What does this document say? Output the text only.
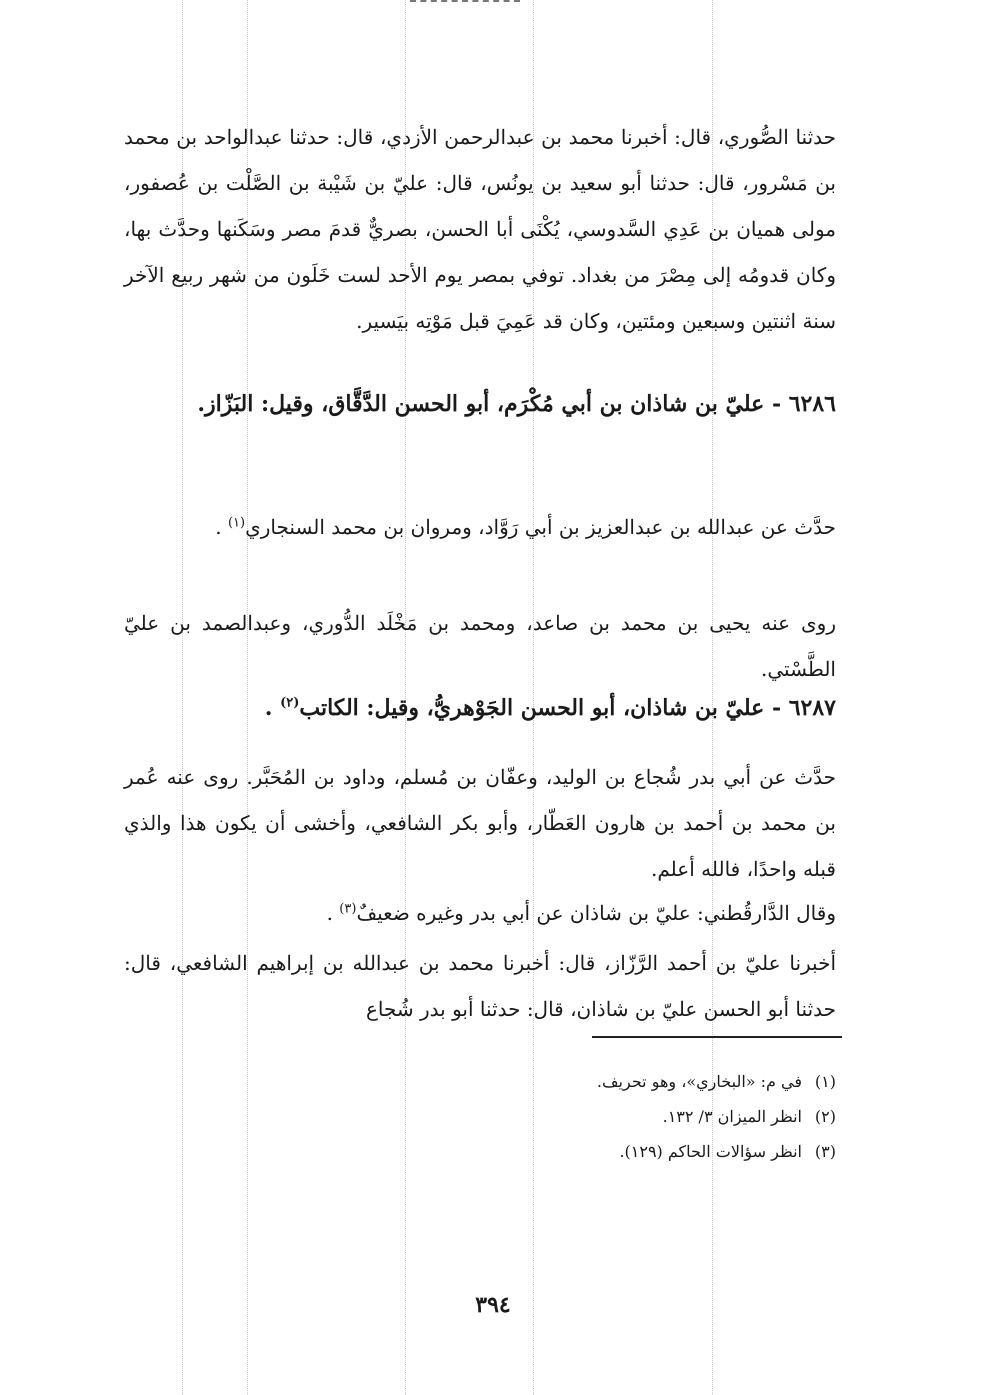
حدثنا الصُّوري، قال: أخبرنا محمد بن عبدالرحمن الأزدي، قال: حدثنا عبدالواحد بن محمد بن مَسْرور، قال: حدثنا أبو سعيد بن يونُس، قال: عليّ بن شَيْبة بن الصَّلْت بن عُصفور، مولى هميان بن عَدِي السَّدوسي، يُكْنَى أبا الحسن، بصريٌّ قدمَ مصر وسَكَنها وحدَّث بها، وكان قدومُه إلى مِصْرَ من بغداد. توفي بمصر يوم الأحد لست خَلَون من شهر ربيع الآخر سنة اثنتين وسبعين ومئتين، وكان قد عَمِيَ قبل مَوْتِه بيَسير.

٦٢٨٦ - عليّ بن شاذان بن أبي مُكْرَم، أبو الحسن الدَّقَّاق، وقيل: البَزّاز.

حدَّث عن عبدالله بن عبدالعزيز بن أبي رَوَّاد، ومروان بن محمد السنجاري$^{(١)}$ .

روى عنه يحيى بن محمد بن صاعد، ومحمد بن مَخْلَد الدُّوري، وعبدالصمد بن عليّ الطَّسْتي.

٦٢٨٧ - عليّ بن شاذان، أبو الحسن الجَوْهريُّ، وقيل: الكاتب$^{(٢)}$ .

حدَّث عن أبي بدر شُجاع بن الوليد، وعفّان بن مُسلم، وداود بن المُحَبَّر. روى عنه عُمر بن محمد بن أحمد بن هارون العَطّار، وأبو بكر الشافعي، وأخشى أن يكون هذا والذي قبله واحدًا، فالله أعلم.

وقال الدَّارقُطني: عليّ بن شاذان عن أبي بدر وغيره ضعيفٌ$^{(٣)}$ .

أخبرنا عليّ بن أحمد الرَّزّاز، قال: أخبرنا محمد بن عبدالله بن إبراهيم الشافعي، قال: حدثنا أبو الحسن عليّ بن شاذان، قال: حدثنا أبو بدر شُجاع

(١)في م: «البخاري»، وهو تحريف.
(٢)انظر الميزان ٣/ ١٣٢.
(٣)انظر سؤالات الحاكم (١٢٩).
٣٩٤
